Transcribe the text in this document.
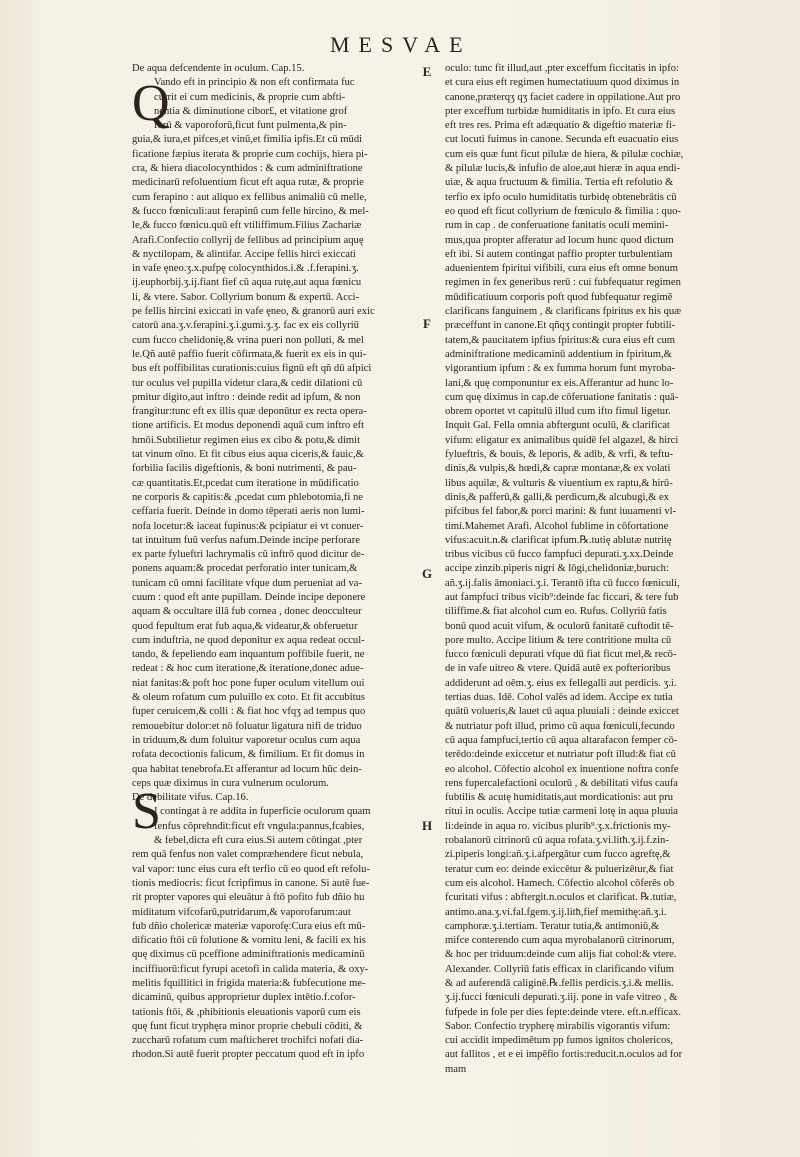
MESVAE
Q
S
E
F
G
H
De aqua defcendente in oculum. Cap.15.
Vando eft in principio & non eft confirmata fuc
currit ei cum medicinis, & proprie cum abfti-
nentia & diminutione cibor£, et vitatione grof
forū & vaporoforū,ficut funt pulmenta,& pin-
guia,& iura,et pifces,et vinū,et fimilia ipfis.Et cū mūdi
ficatione fæpius iterata & proprie cum cochijs, hiera pi-
cra, & hiera diacolocynthidos : & cum adminiftratione
medicinarū refoluentium ficut eft aqua rutæ, & proprie
cum ferapino : aut aliquo ex fellibus animaliū cū melle,
& fucco fœniculi:aut ferapinū cum felle hircino, & mel-
le,& fucco fœnicu.quū eft vtiliffimum.Filius Zachariæ
Arafi.Confectio collyrij de fellibus ad principium aquę
& nyctilopam, & alintifar. Accipe fellis hirci exiccati
in vafe ęneo.ʒ.x.pufpę colocynthidos.i.& .f.ferapini.ʒ.
ij.euphorbij.ʒ.ij.fiant fief cū aqua rutę,aut aqua fœnicu
li, & vtere. Sabor. Collyrium bonum & expertū. Acci-
pe fellis hircini exiccati in vafe ęneo, & granorū auri exic
catorū ana.ʒ.v.ferapini.ʒ.i.gumi.ʒ.ʒ. fac ex eis collyriū
cum fucco chelidonię,& vrina pueri non polluti, & mel
le.Qñ autē paffio fuerit cōfirmata,& fuerit ex eis in qui-
bus eft poffibilitas curationis:cuius fignū eft qñ dū afpici
tur oculus vel pupilla videtur clara,& cedit dilationi cū
pmitur digito,aut inftro : deinde redit ad ipfum, & non
frangitur:tunc eft ex illis quæ deponūtur ex recta opera-
tione artificis. Et modus deponendi aquā cum inftro eft
hmōi.Subtilietur regimen eius ex cibo & potu,& dimit
tat vinum oīno. Et fit cibus eius aqua ciceris,& fauic,&
forbilia facilis digeftionis, & boni nutrimenti, & pau-
cæ quantitatis.Et,pcedat cum iteratione in mūdificatio
ne corporis & capitis:& ,pcedat cum phlebotomia,fi ne
ceffaria fuerit. Deinde in domo tēperati aeris non lumi-
nofa locetur:& iaceat fupinus:& pcipiatur ei vt conuer-
tat intuitum fuū verfus nafum.Deinde incipe perforare
ex parte fylueftri lachrymalis cū inftrō quod dicitur de-
ponens aquam:& procedat perforatio inter tunicam,&
tunicam cū omni facilitate vfque dum perueniat ad va-
cuum : quod eft ante pupillam. Deinde incipe deponere
aquam & occultare illā fub cornea , donec deocculteur
quod fepultum erat fub aqua,& videatur,& obferuetur
cum induftria, ne quod deponitur ex aqua redeat occul-
tando, & fepeliendo eam inquantum poffibile fuerit, ne
redeat : & hoc cum iteratione,& iteratione,donec adue-
niat fanitas:& poft hoc pone fuper oculum vitellum oui
& oleum rofatum cum puluillo ex coto. Et fit accubitus
fuper ceruicem,& colli : & fiat hoc vfqʒ ad tempus quo
remouebitur dolor:et nō foluatur ligatura nifi de triduo
in triduum,& dum foluitur vaporetur oculus cum aqua
rofata decoctionis falicum, & fimilium. Et fit domus in
qua habitat tenebrofa.Et afferantur ad locum hūc dein-
ceps quæ diximus in cura vulnerum oculorum.
De debilitate vifus. Cap.16.
I contingat à re addita in fuperficie oculorum quam
fenfus cōprehndit:ficut eft vngula:pannus,fcabies,
& febel,dicta eft cura eius.Si autem cōtingat ,pter
rem quā fenfus non valet compræhendere ficut nebula,
val vapor: tunc eius cura eft terfio cū eo quod eft refolu-
tionis mediocris: ficut fcripfimus in canone. Si autē fue-
rit propter vapores qui eleuātur à ftō pofito fub dñio hu
miditatum vifcofarū,putridarum,& vaporofarum:aut
fub dñio cholericæ materiæ vaporofę:Cura eius eft mū-
dificatio ftōi cū folutione & vomitu leni, & facili ex his
quę diximus cū pceffione adminiftrationis medicaminū
inciffiuorū:ficut fyrupi acetofi in calida materia, & oxy-
melitis fquillitici in frigida materia:& fubfecutione me-
dicaminū, quibus approprietur duplex intētio.f.cofor-
tationis ftōi, & ,phibitionis eleuationis vaporū cum eis
quę funt ficut tryphęra minor proprie chebuli cōditi, &
zuccharū rofatum cum mafticheret trochifci nofati dia-
rhodon.Si autē fuerit propter peccatum quod eft in ipfo
oculo: tunc fit illud,aut ,pter exceffum ficcitatis in ipfo:
et cura eius eft regimen humectatiuum quod diximus in
canone,præterqʒ qʒ faciet cadere in oppilatione.Aut pro
pter exceffum turbidæ humiditatis in ipfo. Et cura eius
eft tres res. Prima eft adæquatio & digeftio materiæ fi-
cut locuti fuimus in canone. Secunda eft euacuatio eius
cum eis quæ funt ficut pilulæ de hiera, & pilulæ cochiæ,
& pilulæ lucis,& infufio de aloe,aut hieræ in aqua endi-
uiæ, & aqua fructuum & fimilia. Tertia eft refolutio &
terfio ex ipfo oculo humiditatis turbidę obtenebrātis cū
eo quod eft ficut collyrium de fœniculo & fimilia : quo-
rum in cap . de conferuatione fanitatis oculi memini-
mus,qua propter afferatur ad locum hunc quod dictum
eft ibi. Si autem contingat paffio propter turbulentiam
aduenientem fpiritui vifibili, cura eius eft omne bonum
regimen in fex generibus rerū : cui fubfequatur regimen
mūdificatiuum corporis poft quod fubfequatur regimē
clarificans fanguinem , & clarificans fpiritus ex his quæ
præceffunt in canone.Et qñqʒ contingit propter fubtili-
tatem,& paucitatem ipfius fpiritus:& cura eius eft cum
adminiftratione medicaminū addentium in fpiritum,&
vigorantium ipfum : & ex fumma horum funt myroba-
lani,& quę componuntur ex eis.Afferantur ad hunc lo-
cum quę diximus in cap.de cōferuatione fanitatis : quā-
obrem oportet vt capitulū illud cum ifto fimul ligetur.
Inquit Gal. Fella omnia abftergunt oculū, & clarificat
vifum: eligatur ex animalibus quidē fel algazel, & hirci
fylueftris, & bouis, & leporis, & adib, & vrfi, & teftu-
dinis,& vulpis,& hœdi,& capræ montanæ,& ex volati
libus aquilæ, & vulturis & viuentium ex raptu,& hirū-
dinis,& pafferū,& galli,& perdicum,& alcubugi,& ex
pifcibus fel fabor,& porci marini: & funt iuuamenti vl-
timi.Mahemet Arafi. Alcohol fublime in cōfortatione
vifus:acuit.n.& clarificat ipfum.℞.tutię ablutæ nutritę
tribus vicibus cū fucco fampfuci depurati.ʒ.xx.Deinde
accipe zinzib.piperis nigri & lōgi,chelidoniæ,buruch:
añ.ʒ.ij.falis āmoniaci.ʒ.i. Terantō ifta cū fucco fœniculi,
aut fampfuci tribus vicib⁹:deinde fac ficcari, & tere fub
tiliffime.& fiat alcohol cum eo. Rufus. Collyriū fatis
bonū quod acuit vifum, & oculorū fanitatē cuftodit tē-
pore multo. Accipe litium & tere contritione multa cū
fucco fœniculi depurati vfque dū fiat ficut mel,& recō-
de in vafe uitreo & vtere. Quidā autē ex pofterioribus
addiderunt ad oēm.ʒ. eius ex fellegalli aut perdicis. ʒ.i.
tertias duas. Idē. Cohol valēs ad idem. Accipe ex tutia
quātū volueris,& lauet cū aqua pluuiali : deinde exiccet
& nutriatur poft illud, primo cū aqua fœniculi,fecundo
cū aqua fampfuci,tertio cū aqua altarafacon femper cō-
terēdo:deinde exiccetur et nutriatur poft illud:& fiat cū
eo alcohol. Cōfectio alcohol ex inuentione noftra confe
rens fupercalefactioni oculorū , & debilitati vifus caufa
fubtilis & acutę humiditatis,aut mordicationis: aut pru
ritui in oculis. Accipe tutiæ carmeni lotę in aqua pluuia
li:deinde in aqua ro. vicibus plurib⁹.ʒ.x.frictionis my-
robalanorū citrinorū cū aqua rofata.ʒ.vi.litħ.ʒ.ij.f.zin-
zi.piperis longi:añ.ʒ.i.afpergātur cum fucco agreftę,&
teratur cum eo: deinde exiccētur & puluerizētur,& fiat
cum eis alcohol. Hamech. Cōfectio alcohol cōferēs ob
fcuritati vifus : abftergit.n.oculos et clarificat. ℞.tutiæ,
antimo.ana.ʒ.vi.fal.fgem.ʒ.ij.litħ,fief memithę:añ.ʒ.i.
camphoræ.ʒ.i.tertiam. Teratur tutia,& antimoniū,&
mifce conterendo cum aqua myrobalanorū citrinorum,
& hoc per triduum:deinde cum alijs fiat cohol:& vtere.
Alexander. Collyriū fatis efficax in clarificando vifum
& ad auferendā caliginē.℞.fellis perdicis.ʒ.i.& mellis.
ʒ.ij.fucci fœniculi depurati.ʒ.iij. pone in vafe vitreo , &
fufpede in fole per dies fepte:deinde vtere. eft.n.efficax.
Sabor. Confectio trypherę mirabilis vigorantis vifum:
cui accidit impedimētum pp fumos ignitos cholericos,
aut fallitos , et e ei impēfio fortis:reducit.n.oculos ad for
mam
